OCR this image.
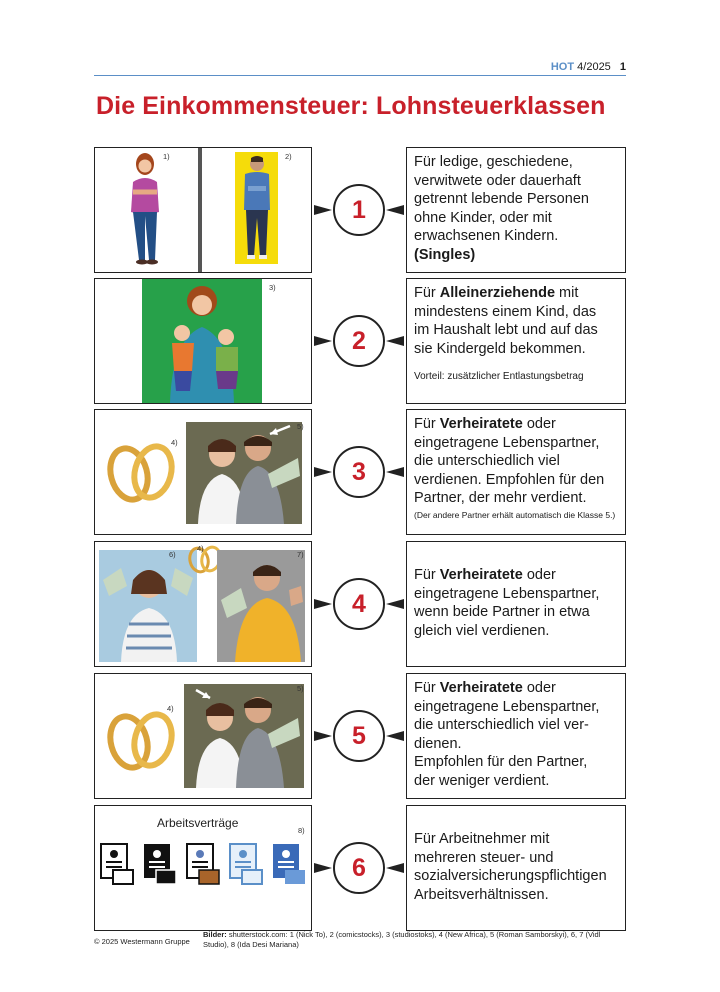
HOT 4/2025 1
Die Einkommensteuer: Lohnsteuerklassen
1)	2)
1
Für ledige, geschiedene,
verwitwete oder dauerhaft
getrennt lebende Personen
ohne Kinder, oder mit
erwachsenen Kindern.
(Singles)
3)
2
Für Alleinerziehende mit
mindestens einem Kind, das
im Haushalt lebt und auf das
sie Kindergeld bekommen.
Vorteil: zusätzlicher Entlastungsbetrag
4)
5)
3
Für Verheiratete oder
eingetragene Lebenspartner,
die unterschiedlich viel
verdienen. Empfohlen für den
Partner, der mehr verdient.
(Der andere Partner erhält automatisch die Klasse 5.)
6)
4)
7)
4
Für Verheiratete oder
eingetragene Lebenspartner,
wenn beide Partner in etwa
gleich viel verdienen.
4)
5)
5
Für Verheiratete oder
eingetragene Lebenspartner,
die unterschiedlich viel ver-
dienen.
Empfohlen für den Partner,
der weniger verdient.
Arbeitsverträge
8)
6
Für Arbeitnehmer mit
mehreren steuer- und
sozialversicherungspflichtigen
Arbeitsverhältnissen.
© 2025 Westermann Gruppe
Bilder: shutterstock.com: 1 (Nick To), 2 (comicstocks), 3 (studiostoks), 4 (New Africa), 5 (Roman Samborskyi), 6, 7 (Vidl Studio), 8 (Ida Desi Mariana)
